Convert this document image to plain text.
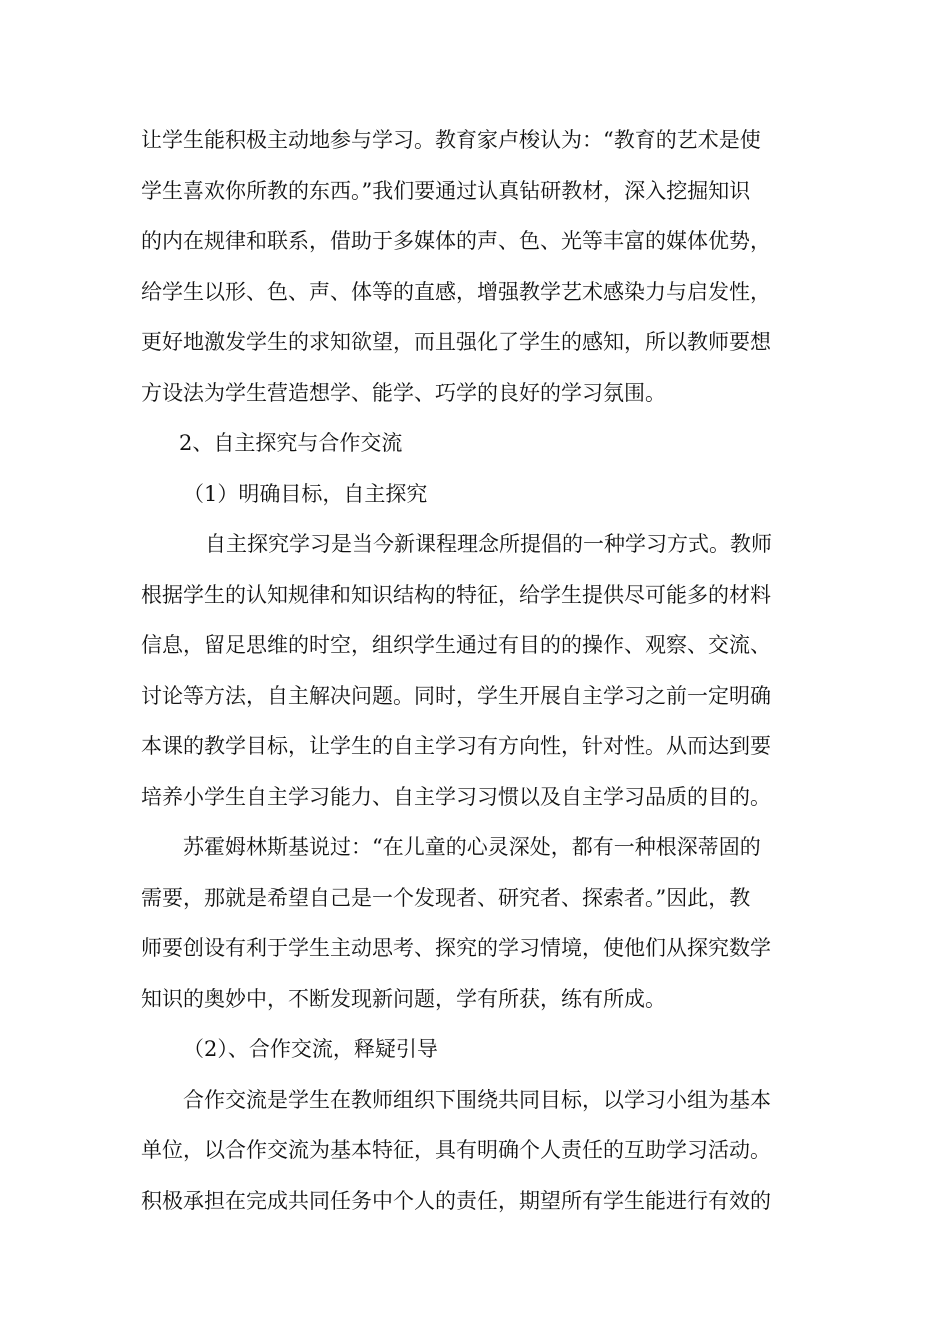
让学生能积极主动地参与学习。教育家卢梭认为：“教育的艺术是使
学生喜欢你所教的东西。”我们要通过认真钻研教材，深入挖掘知识
的内在规律和联系，借助于多媒体的声、色、光等丰富的媒体优势，
给学生以形、色、声、体等的直感，增强教学艺术感染力与启发性，
更好地激发学生的求知欲望，而且强化了学生的感知，所以教师要想
方设法为学生营造想学、能学、巧学的良好的学习氛围。
2、自主探究与合作交流
（1）明确目标，自主探究
自主探究学习是当今新课程理念所提倡的一种学习方式。教师
根据学生的认知规律和知识结构的特征，给学生提供尽可能多的材料
信息，留足思维的时空，组织学生通过有目的的操作、观察、交流、
讨论等方法，自主解决问题。同时，学生开展自主学习之前一定明确
本课的教学目标，让学生的自主学习有方向性，针对性。从而达到要
培养小学生自主学习能力、自主学习习惯以及自主学习品质的目的。
苏霍姆林斯基说过：“在儿童的心灵深处，都有一种根深蒂固的
需要，那就是希望自己是一个发现者、研究者、探索者。”因此，教
师要创设有利于学生主动思考、探究的学习情境，使他们从探究数学
知识的奥妙中，不断发现新问题，学有所获，练有所成。
（2）、合作交流，释疑引导
合作交流是学生在教师组织下围绕共同目标，以学习小组为基本
单位，以合作交流为基本特征，具有明确个人责任的互助学习活动。
积极承担在完成共同任务中个人的责任，期望所有学生能进行有效的
